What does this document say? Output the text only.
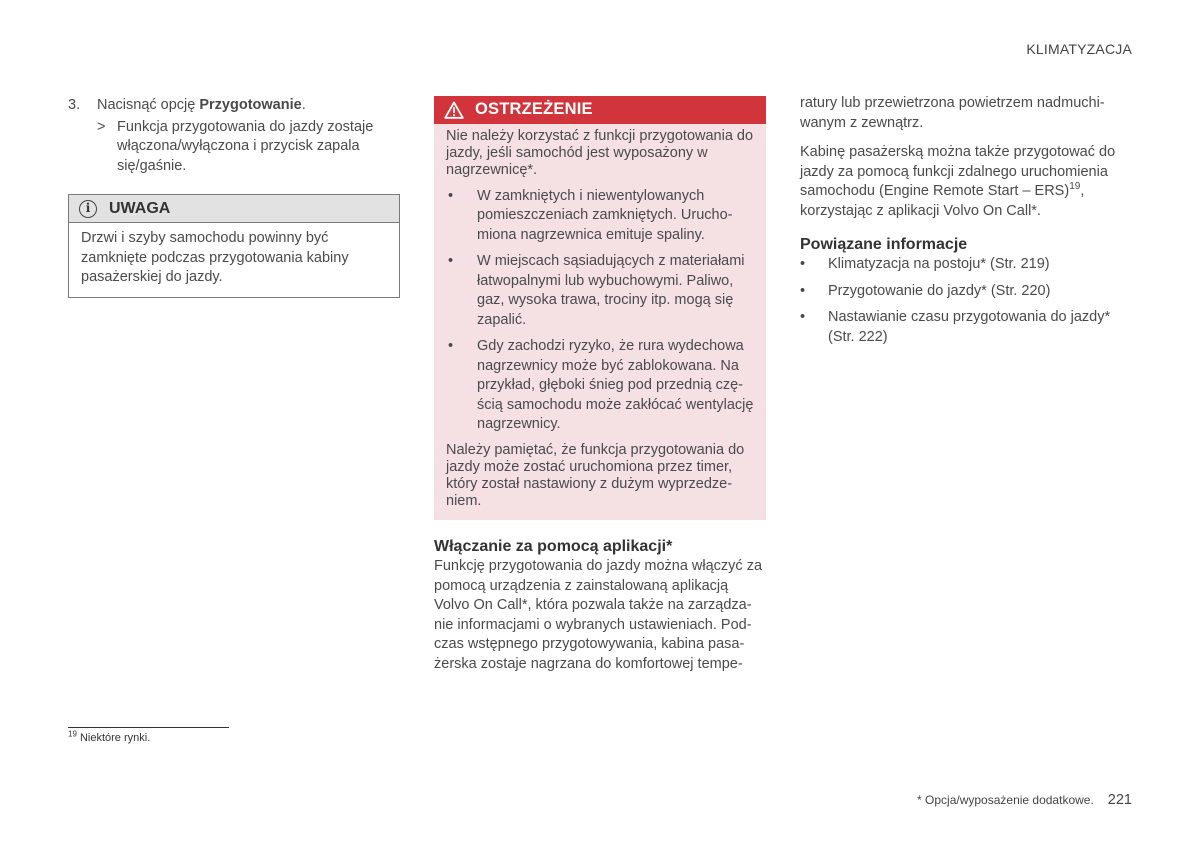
KLIMATYZACJA
3.	Nacisnąć opcję Przygotowanie.
> Funkcja przygotowania do jazdy zostaje włączona/wyłączona i przycisk zapala się/gaśnie.
i	UWAGA
Drzwi i szyby samochodu powinny być zamknięte podczas przygotowania kabiny pasażerskiej do jazdy.
OSTRZEŻENIE

Nie należy korzystać z funkcji przygotowania do jazdy, jeśli samochód jest wyposażony w nagrzewnicę*.

•	W zamkniętych i niewentylowanych pomieszczeniach zamkniętych. Urucho-miona nagrzewnica emituje spaliny.
•	W miejscach sąsiadujących z materiałami łatwopalnymi lub wybuchowymi. Paliwo, gaz, wysoka trawa, trociny itp. mogą się zapalić.
•	Gdy zachodzi ryzyko, że rura wydechowa nagrzewnicy może być zablokowana. Na przykład, głęboki śnieg pod przednią czę-ścią samochodu może zakłócać wentylację nagrzewnicy.

Należy pamiętać, że funkcja przygotowania do jazdy może zostać uruchomiona przez timer, który został nastawiony z dużym wyprzedze-niem.

Włączanie za pomocą aplikacji*

Funkcję przygotowania do jazdy można włączyć za pomocą urządzenia z zainstalowaną aplikacją Volvo On Call*, która pozwala także na zarządza-nie informacjami o wybranych ustawieniach. Pod-czas wstępnego przygotowywania, kabina pasa-żerska zostaje nagrzana do komfortowej tempe-

ratury lub przewietrzona powietrzem nadmuchi-wanym z zewnątrz.

Kabinę pasażerską można także przygotować do jazdy za pomocą funkcji zdalnego uruchomienia samochodu (Engine Remote Start – ERS)$^{19}$, korzystając z aplikacji Volvo On Call*.

Powiązane informacje
•	Klimatyzacja na postoju* (Str. 219)
•	Przygotowanie do jazdy* (Str. 220)
•	Nastawianie czasu przygotowania do jazdy* (Str. 222)
$^{19}$ Niektóre rynki.
* Opcja/wyposażenie dodatkowe. 221
